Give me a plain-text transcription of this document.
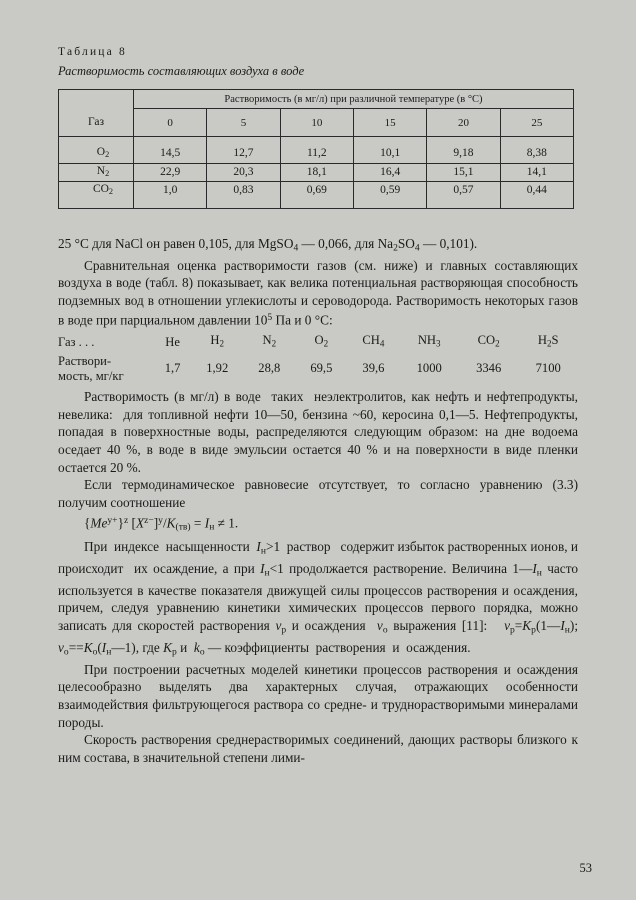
Таблица 8
Растворимость составляющих воздуха в воде
	Растворимость (в мг/л) при различной температуре (в °C)					
Газ	0	5	10	15	20	25
$O_2$	14,5	12,7	11,2	10,1	9,18	8,38
$N_2$	22,9	20,3	18,1	16,4	15,1	14,1
$CO_2$	1,0	0,83	0,69	0,59	0,57	0,44

25 °C для NaCl он равен 0,105, для MgSO$_4$ — 0,066, для $Na_2SO_4$ — 0,101).

Сравнительная оценка растворимости газов (см. ниже) и главных составляющих воздуха в воде (табл. 8) показывает, как велика потенциальная растворяющая способность подземных вод в отношении углекислоты и сероводорода. Растворимость некоторых газов в воде при парциальном давлении $10^5$ Па и 0 °C:

Газ . . .	He	$H_2$	$N_2$	$O_2$	$CH_4$	$NH_3$	$CO_2$	$H_2S$
Раствори-
мость, мг/кг	1,7	1,92	28,8	69,5	39,6	1000	3346	7100

Растворимость (в мг/л) в воде  таких  неэлектролитов, как нефть и нефтепродукты, невелика:  для топливной нефти 10—50, бензина ~60, керосина 0,1—5. Нефтепродукты, попадая в поверхностные воды, распределяются следующим образом: на дне водоема оседает 40 %, в воде в виде эмульсии остается 40 % и на поверхности в виде пленки остается 20 %.

Если термодинамическое равновесие отсутствует, то согласно уравнению (3.3) получим соотношение

$\{Me^{y+}\}^z$ $[X^{z-}]^y/K_{(тв)} = I_н \ne 1$.

При  индексе  насыщенности  $I_н>1$  раствор   содержит избыток растворенных ионов, и происходит  их осаждение, а при $I_н<1$ продолжается растворение. Величина $1—I_н$ часто используется в качестве показателя движущей силы процессов растворения и осаждения, причем, следуя уравнению кинетики химических процессов первого порядка, можно записать для скоростей растворения $v_р$ и осаждения  $v_о$ выражения [11]:   $v_р=K_р(1—I_н)$; $v_о==K_о(I_н—1)$, где $K_р$ и  $k_о$ — коэффициенты  растворения  и  осаждения.

При построении расчетных моделей кинетики процессов растворения и осаждения целесообразно выделять два характерных случая, отражающих особенности взаимодействия фильтрующегося раствора со средне- и труднорастворимыми минералами породы.

Скорость растворения среднерастворимых соединений, дающих растворы близкого к ним состава, в значительной степени лими-

53
